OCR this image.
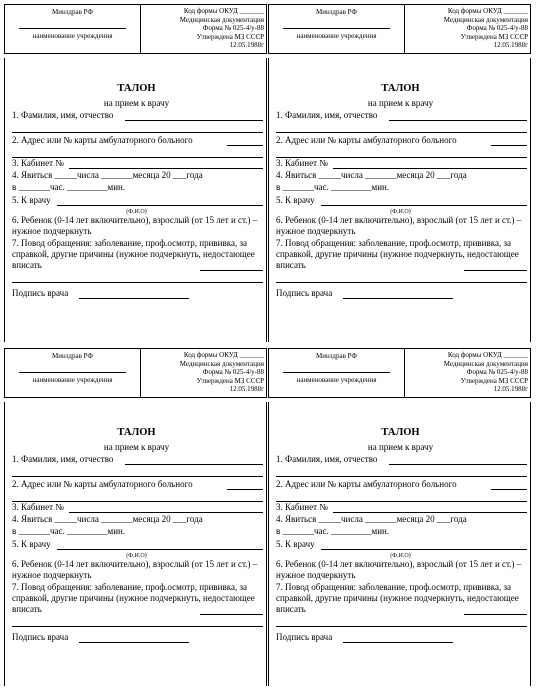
Минздрав РФ
наименование учреждения
Код формы ОКУД _______
Медицинская документация
Форма № 025-4/у-88
Утверждена МЗ СССР
12.05.1988г
ТАЛОН
на прием к врачу
1. Фамилия, имя, отчество
2. Адрес или № карты амбулаторного больного
3. Кабинет №
4. Явиться _____числа _______месяца 20 ___года
в _______час. _________мин.
5. К врачу
(Ф.И.О)
6. Ребенок (0-14 лет включительно), взрослый (от 15 лет и ст.) – нужное подчеркнуть
7. Повод обращения: заболевание, проф.осмотр, прививка, за справкой, другие причины (нужное подчеркнуть, недостающее вписать
Подпись врача
Минздрав РФ
наименование учреждения
Код формы ОКУД _______
Медицинская документация
Форма № 025-4/у-88
Утверждена МЗ СССР
12.05.1988г
ТАЛОН
на прием к врачу
1. Фамилия, имя, отчество
2. Адрес или № карты амбулаторного больного
3. Кабинет №
4. Явиться _____числа _______месяца 20 ___года
в _______час. _________мин.
5. К врачу
(Ф.И.О)
6. Ребенок (0-14 лет включительно), взрослый (от 15 лет и ст.) – нужное подчеркнуть
7. Повод обращения: заболевание, проф.осмотр, прививка, за справкой, другие причины (нужное подчеркнуть, недостающее вписать
Подпись врача
Минздрав РФ
наименование учреждения
Код формы ОКУД _______
Медицинская документация
Форма № 025-4/у-88
Утверждена МЗ СССР
12.05.1988г
ТАЛОН
на прием к врачу
1. Фамилия, имя, отчество
2. Адрес или № карты амбулаторного больного
3. Кабинет №
4. Явиться _____числа _______месяца 20 ___года
в _______час. _________мин.
5. К врачу
(Ф.И.О)
6. Ребенок (0-14 лет включительно), взрослый (от 15 лет и ст.) – нужное подчеркнуть
7. Повод обращения: заболевание, проф.осмотр, прививка, за справкой, другие причины (нужное подчеркнуть, недостающее вписать
Подпись врача
Минздрав РФ
наименование учреждения
Код формы ОКУД _______
Медицинская документация
Форма № 025-4/у-88
Утверждена МЗ СССР
12.05.1988г
ТАЛОН
на прием к врачу
1. Фамилия, имя, отчество
2. Адрес или № карты амбулаторного больного
3. Кабинет №
4. Явиться _____числа _______месяца 20 ___года
в _______час. _________мин.
5. К врачу
(Ф.И.О)
6. Ребенок (0-14 лет включительно), взрослый (от 15 лет и ст.) – нужное подчеркнуть
7. Повод обращения: заболевание, проф.осмотр, прививка, за справкой, другие причины (нужное подчеркнуть, недостающее вписать
Подпись врача
